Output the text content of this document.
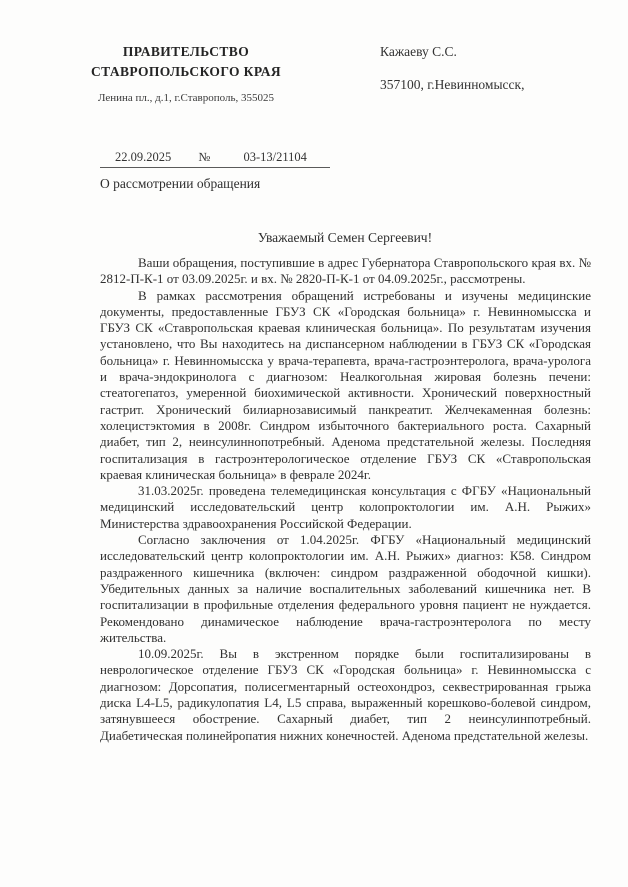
ПРАВИТЕЛЬСТВО
СТАВРОПОЛЬСКОГО КРАЯ
Ленина пл., д.1, г.Ставрополь, 355025
Кажаеву С.С.
357100, г.Невинномысск,
22.09.2025 №	03-13/21104
О рассмотрении обращения
Уважаемый Семен Сергеевич!

Ваши обращения, поступившие в адрес Губернатора Ставропольского края вх. № 2812-П-К-1 от 03.09.2025г. и вх. № 2820-П-К-1 от 04.09.2025г., рассмотрены.

В рамках рассмотрения обращений истребованы и изучены медицинские документы, предоставленные ГБУЗ СК «Городская больница» г. Невинномысска и ГБУЗ СК «Ставропольская краевая клиническая больница». По результатам изучения установлено, что Вы находитесь на диспансерном наблюдении в ГБУЗ СК «Городская больница» г. Невинномысска у врача-терапевта, врача-гастроэнтеролога, врача-уролога и врача-эндокринолога с диагнозом: Неалкогольная жировая болезнь печени: стеатогепатоз, умеренной биохимической активности. Хронический поверхностный гастрит. Хронический билиарнозависимый панкреатит. Желчекаменная болезнь: холецистэктомия в 2008г. Синдром избыточного бактериального роста. Сахарный диабет, тип 2, неинсулиннопотребный. Аденома предстательной железы. Последняя госпитализация в гастроэнтерологическое отделение ГБУЗ СК «Ставропольская краевая клиническая больница» в феврале 2024г.

31.03.2025г. проведена телемедицинская консультация с ФГБУ «Национальный медицинский исследовательский центр колопроктологии им. А.Н. Рыжих» Министерства здравоохранения Российской Федерации.

Согласно заключения от 1.04.2025г. ФГБУ «Национальный медицинский исследовательский центр колопроктологии им. А.Н. Рыжих» диагноз: К58. Синдром раздраженного кишечника (включен: синдром раздраженной ободочной кишки). Убедительных данных за наличие воспалительных заболеваний кишечника нет. В госпитализации в профильные отделения федерального уровня пациент не нуждается. Рекомендовано динамическое наблюдение врача-гастроэнтеролога по месту жительства.

10.09.2025г. Вы в экстренном порядке были госпитализированы в неврологическое отделение ГБУЗ СК «Городская больница» г. Невинномысска с диагнозом: Дорсопатия, полисегментарный остеохондроз, секвестрированная грыжа диска L4-L5, радикулопатия L4, L5 справа, выраженный корешково-болевой синдром, затянувшееся обострение. Сахарный диабет, тип 2 неинсулинпотребный. Диабетическая полинейропатия нижних конечностей. Аденома предстательной железы.
